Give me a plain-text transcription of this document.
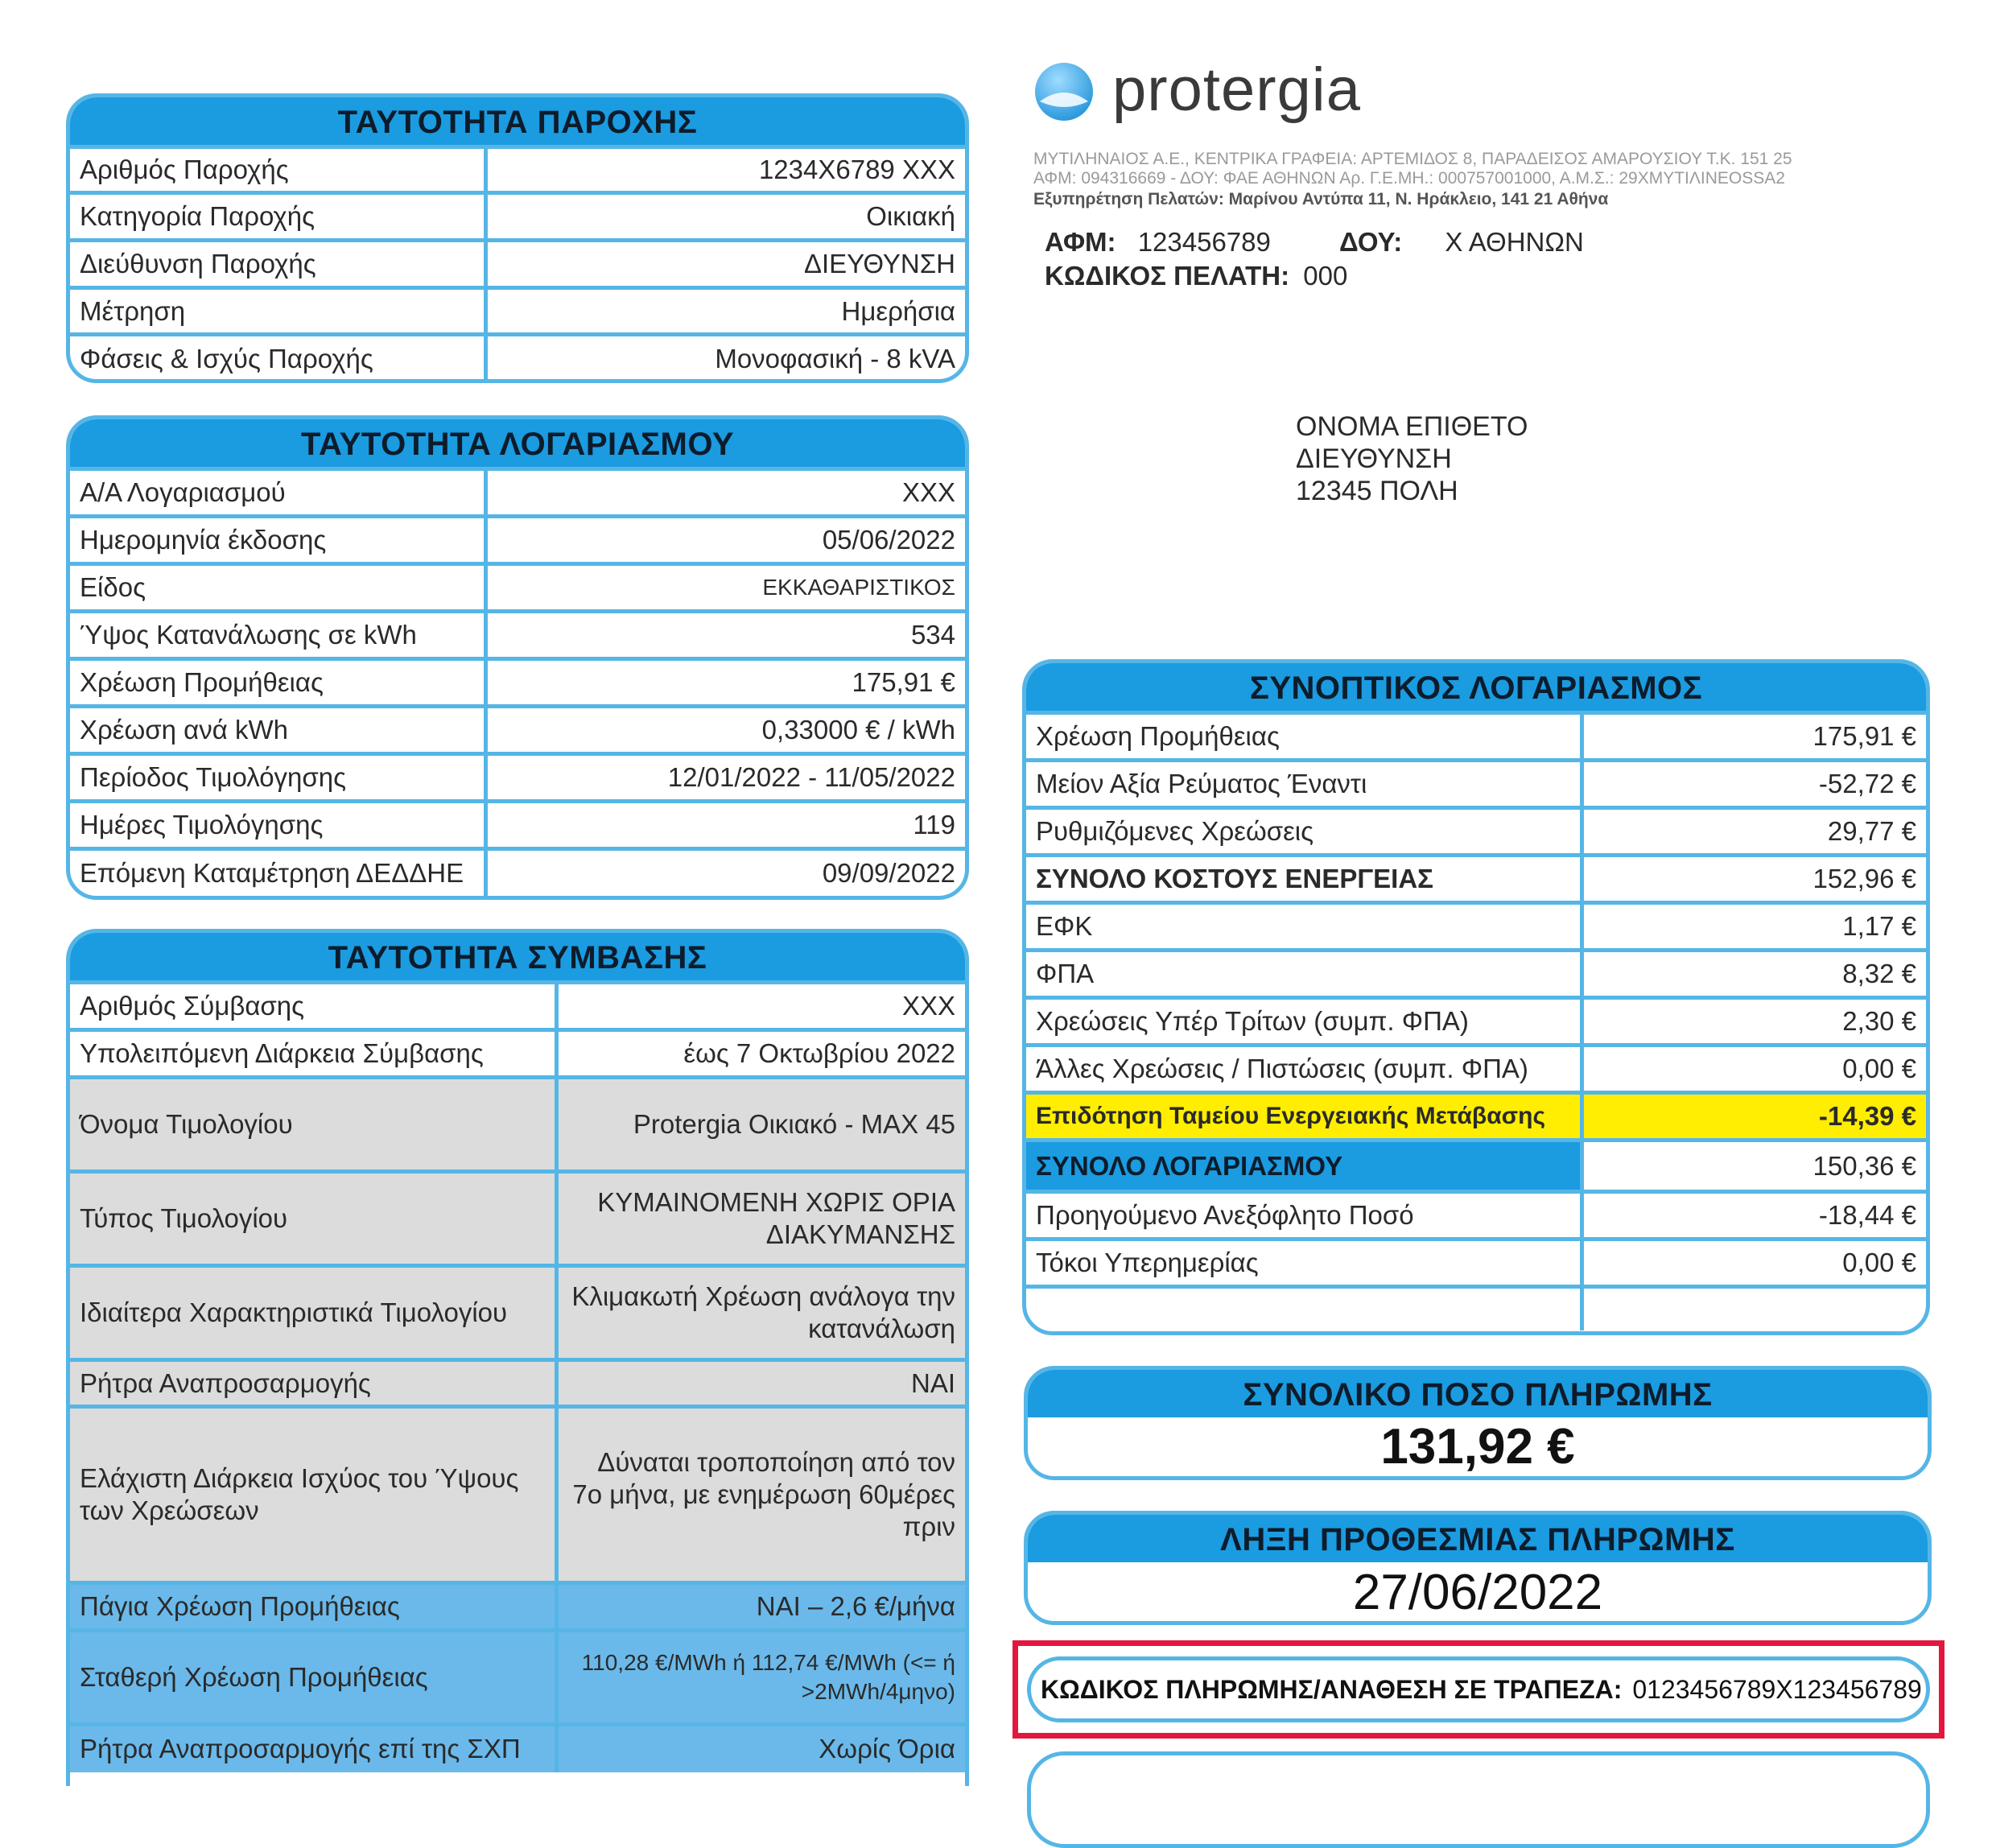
ΤΑΥΤΟΤΗΤΑ ΠΑΡΟΧΗΣ
Αριθμός Παροχής	1234X6789 XXX
Κατηγορία Παροχής	Οικιακή
Διεύθυνση Παροχής	ΔΙΕΥΘΥΝΣΗ
Μέτρηση	Ημερήσια
Φάσεις & Ισχύς Παροχής	Μονοφασική - 8 kVA
ΤΑΥΤΟΤΗΤΑ ΛΟΓΑΡΙΑΣΜΟΥ
Α/Α Λογαριασμού	XXX
Ημερομηνία έκδοσης	05/06/2022
Είδος	ΕΚΚΑΘΑΡΙΣΤΙΚΟΣ
Ύψος Κατανάλωσης σε kWh	534
Χρέωση Προμήθειας	175,91 €
Χρέωση ανά kWh	0,33000 € / kWh
Περίοδος Τιμολόγησης	12/01/2022 - 11/05/2022
Ημέρες Τιμολόγησης	119
Επόμενη Καταμέτρηση ΔΕΔΔΗΕ	09/09/2022
ΤΑΥΤΟΤΗΤΑ ΣΥΜΒΑΣΗΣ
Αριθμός Σύμβασης	XXX
Υπολειπόμενη Διάρκεια Σύμβασης	έως 7 Οκτωβρίου 2022
Όνομα Τιμολογίου	Protergia Οικιακό - MAX 45
Τύπος Τιμολογίου	ΚΥΜΑΙΝΟΜΕΝΗ ΧΩΡΙΣ ΟΡΙΑ ΔΙΑΚΥΜΑΝΣΗΣ
Ιδιαίτερα Χαρακτηριστικά Τιμολογίου	Κλιμακωτή Χρέωση ανάλογα την κατανάλωση
Ρήτρα Αναπροσαρμογής	ΝΑΙ
Ελάχιστη Διάρκεια Ισχύος του Ύψους των Χρεώσεων	Δύναται τροποποίηση από τον 7ο μήνα, με ενημέρωση 60μέρες πριν
Πάγια Χρέωση Προμήθειας	ΝΑΙ – 2,6 €/μήνα
Σταθερή Χρέωση Προμήθειας	110,28 €/MWh ή 112,74 €/MWh (<= ή >2MWh/4μηνο)
Ρήτρα Αναπροσαρμογής επί της ΣΧΠ	Χωρίς Όρια
protergia
ΜΥΤΙΛΗΝΑΙΟΣ Α.Ε., ΚΕΝΤΡΙΚΑ ΓΡΑΦΕΙΑ: ΑΡΤΕΜΙΔΟΣ 8, ΠΑΡΑΔΕΙΣΟΣ ΑΜΑΡΟΥΣΙΟΥ Τ.Κ. 151 25
ΑΦΜ: 094316669 - ΔΟΥ: ΦΑΕ ΑΘΗΝΩΝ Αρ. Γ.Ε.ΜΗ.: 000757001000, Α.Μ.Σ.: 29ΧΜΥΤΙΛΙΝΕΟSSA2
Εξυπηρέτηση Πελατών: Μαρίνου Αντύπα 11, Ν. Ηράκλειο, 141 21 Αθήνα
ΑΦΜ: 123456789	ΔΟΥ: Χ ΑΘΗΝΩΝ
ΚΩΔΙΚΟΣ ΠΕΛΑΤΗ: 000
ΟΝΟΜΑ ΕΠΙΘΕΤΟ
ΔΙΕΥΘΥΝΣΗ
12345 ΠΟΛΗ
ΣΥΝΟΠΤΙΚΟΣ ΛΟΓΑΡΙΑΣΜΟΣ
Χρέωση Προμήθειας	175,91 €
Μείον Αξία Ρεύματος Έναντι	-52,72 €
Ρυθμιζόμενες Χρεώσεις	29,77 €
ΣΥΝΟΛΟ ΚΟΣΤΟΥΣ ΕΝΕΡΓΕΙΑΣ	152,96 €
ΕΦΚ	1,17 €
ΦΠΑ	8,32 €
Χρεώσεις Υπέρ Τρίτων (συμπ. ΦΠΑ)	2,30 €
Άλλες Χρεώσεις / Πιστώσεις (συμπ. ΦΠΑ)	0,00 €
Επιδότηση Ταμείου Ενεργειακής Μετάβασης	-14,39 €
ΣΥΝΟΛΟ ΛΟΓΑΡΙΑΣΜΟΥ	150,36 €
Προηγούμενο Ανεξόφλητο Ποσό	-18,44 €
Τόκοι Υπερημερίας	0,00 €

ΣΥΝΟΛΙΚΟ ΠΟΣΟ ΠΛΗΡΩΜΗΣ
131,92 €
ΛΗΞΗ ΠΡΟΘΕΣΜΙΑΣ ΠΛΗΡΩΜΗΣ
27/06/2022
ΚΩΔΙΚΟΣ ΠΛΗΡΩΜΗΣ/ΑΝΑΘΕΣΗ ΣΕ ΤΡΑΠΕΖΑ: 0123456789X123456789
